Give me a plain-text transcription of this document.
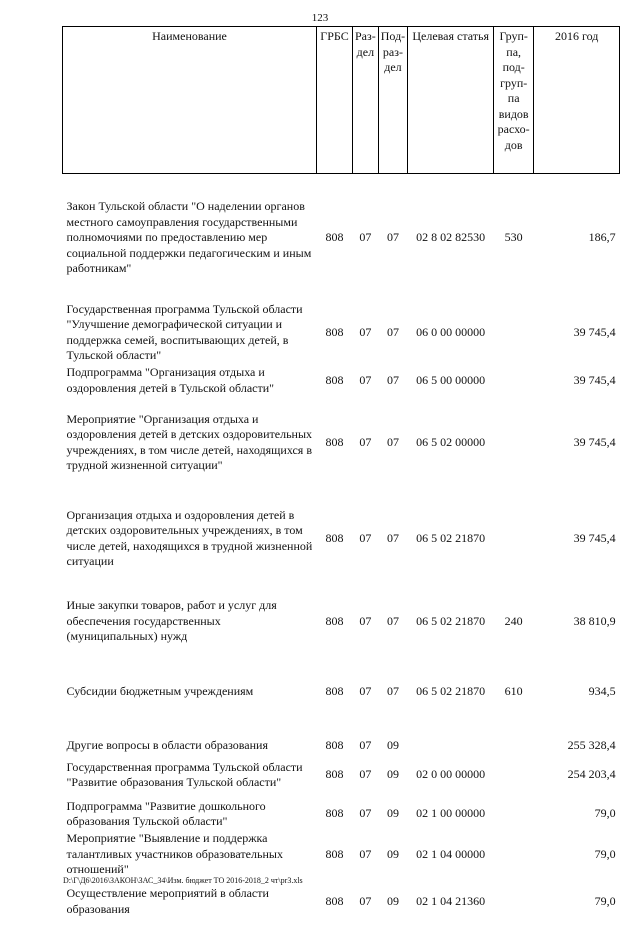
123
Наименование	ГРБС	Раз- дел	Под- раз- дел	Целевая статья	Груп- па, под- груп- па видов расхо- дов	2016 год
Закон Тульской области "О наделении органов местного самоуправления государственными полномочиями по предоставлению мер социальной поддержки педагогическим и иным работникам"	808	07	07	02 8 02 82530	530	186,7
Государственная программа Тульской области "Улучшение демографической ситуации и поддержка семей, воспитывающих детей, в Тульской области"	808	07	07	06 0 00 00000		39 745,4
Подпрограмма "Организация отдыха и оздоровления детей в Тульской области"	808	07	07	06 5 00 00000		39 745,4
Мероприятие "Организация отдыха и оздоровления детей в детских оздоровительных учреждениях, в том числе детей, находящихся в трудной жизненной ситуации"	808	07	07	06 5 02 00000		39 745,4
Организация отдыха и оздоровления детей в детских оздоровительных учреждениях, в том числе детей, находящихся в трудной жизненной ситуации	808	07	07	06 5 02 21870		39 745,4
Иные закупки товаров, работ и услуг для обеспечения государственных (муниципальных) нужд	808	07	07	06 5 02 21870	240	38 810,9
Субсидии бюджетным учреждениям	808	07	07	06 5 02 21870	610	934,5
Другие вопросы в области образования	808	07	09			255 328,4
Государственная программа Тульской области "Развитие образования Тульской области"	808	07	09	02 0 00 00000		254 203,4
Подпрограмма "Развитие дошкольного образования Тульской области"	808	07	09	02 1 00 00000		79,0
Мероприятие "Выявление и поддержка талантливых участников образовательных отношений"	808	07	09	02 1 04 00000		79,0
Осуществление мероприятий в области образования	808	07	09	02 1 04 21360		79,0
D:\Г\Д6\2016\ЗАКОН\ЗАС_34\Изм. бюджет ТО 2016-2018_2 чт\pr3.xls
